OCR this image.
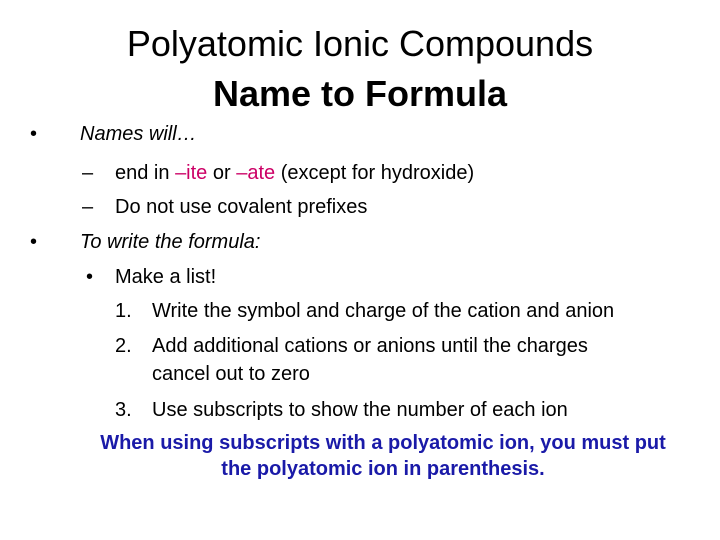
Polyatomic Ionic Compounds
Name to Formula
• Names will…
– end in –ite or –ate (except for hydroxide)
– Do not use covalent prefixes
• To write the formula:
• Make a list!
1. Write the symbol and charge of the cation and anion
2. Add additional cations or anions until the charges
cancel out to zero
3. Use subscripts to show the number of each ion
When using subscripts with a polyatomic ion, you must put
the polyatomic ion in parenthesis.
